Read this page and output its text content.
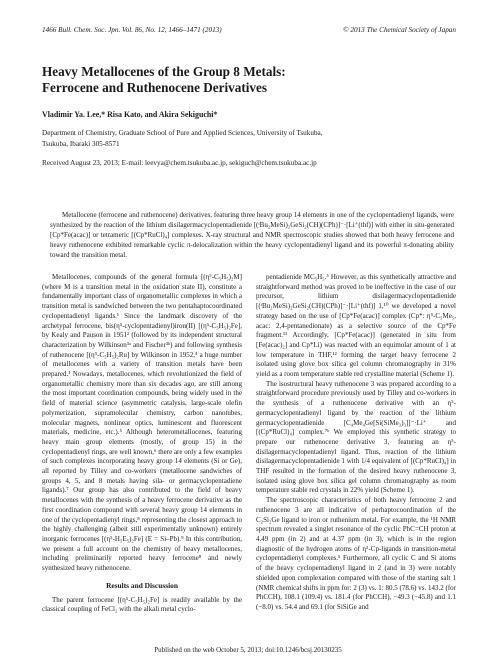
1466 Bull. Chem. Soc. Jpn. Vol. 86, No. 12, 1466–1471 (2013)	© 2013 The Chemical Society of Japan
Heavy Metallocenes of the Group 8 Metals:
Ferrocene and Ruthenocene Derivatives
Vladimir Ya. Lee,* Risa Kato, and Akira Sekiguchi*
Department of Chemistry, Graduate School of Pure and Applied Sciences, University of Tsukuba,
Tsukuba, Ibaraki 305-8571
Received August 23, 2013; E-mail: leevya@chem.tsukuba.ac.jp, sekiguch@chem.tsukuba.ac.jp
Metallocene (ferrocene and ruthenocene) derivatives, featuring three heavy group 14 elements in one of the cyclopentadienyl ligands, were synthesized by the reaction of the lithium disilagermacyclopentadienide [(ᵗBu₂MeSi)₂GeSi₂(CH)(CPh)]⁻·[Li⁺(thf)] with either in situ-generated [Cp*Fe(acac)] or tetrameric [(Cp*RuCl)₄] complexes. X-ray structural and NMR spectroscopic studies showed that both heavy ferrocene and heavy ruthenocene exhibited remarkable cyclic π-delocalization within the heavy cyclopentadienyl ligand and its powerful π-donating ability toward the transition metal.

Metallocenes, compounds of the general formula [(η⁵-C₅H₅)₂M] (where M is a transition metal in the oxidation state II), constitute a fundamentally important class of organometallic complexes in which a transition metal is sandwiched between the two pentahaptocoordinated cyclopentadienyl ligands.¹ Since the landmark discovery of the archetypal ferrocene, bis(η⁵-cyclopentadienyl)iron(II) [(η⁵-C₅H₅)₂Fe], by Kealy and Pauson in 1951² (followed by its independent structural characterization by Wilkinson³ᵃ and Fischer³ᵇ) and following synthesis of ruthenocene [(η⁵-C₅H₅)₂Ru] by Wilkinson in 1952,⁴ a huge number of metallocenes with a variety of transition metals have been prepared.¹ Nowadays, metallocenes, which revolutionized the field of organometallic chemistry more than six decades ago, are still among the most important coordination compounds, being widely used in the field of material science (asymmetric catalysis, large-scale olefin polymerization, supramolecular chemistry, carbon nanotubes, molecular magnets, nonlinear optics, luminescent and fluorescent materials, medicine, etc.).⁵ Although heterometallocenes, featuring heavy main group elements (mostly, of group 15) in the cyclopentadienyl rings, are well known,⁶ there are only a few examples of such complexes incorporating heavy group 14 elements (Si or Ge), all reported by Tilley and co-workers (metallocene sandwiches of groups 4, 5, and 8 metals having sila- or germacyclopentadiene ligands).⁷ Our group has also contributed to the field of heavy metallocenes with the synthesis of a heavy ferrocene derivative as the first coordination compound with several heavy group 14 elements in one of the cyclopentadienyl rings,⁸ representing the closest approach to the highly challenging (albeit still experimentally unknown) entirely inorganic ferrocenes [(η⁵-H₅E₅)₂Fe] (E = Si–Pb).⁹ In this contribution, we present a full account on the chemistry of heavy metallocenes, including preliminarily reported heavy ferrocene⁸ and newly synthesized heavy ruthenocene.

Results and Discussion

The parent ferrocene [(η⁵-C₅H₅)₂Fe] is readily available by the classical coupling of FeCl₂ with the alkali metal cyclo-

pentadienide MC₅H₅.⁵ However, as this synthetically attractive and straightforward method was proved to be ineffective in the case of our precursor, lithium disilagermacyclopentadienide [(ᵗBu₂MeSi)₂GeSi₂(CH)(CPh)]⁻·[Li⁺(thf)] 1,¹⁰ we developed a novel strategy based on the use of [Cp*Fe(acac)] complex (Cp*: η⁵-C₅Me₅, acac: 2,4-pentanedionate) as a selective source of the Cp*Fe fragment.¹¹ Accordingly, [Cp*Fe(acac)] (generated in situ from [Fe(acac)₂] and Cp*Li) was reacted with an equimolar amount of 1 at low temperature in THF,¹² forming the target heavy ferrocene 2 isolated using glove box silica gel column chromatography in 31% yield as a room temperature stable red crystalline material (Scheme 1).

The isostructural heavy ruthenocene 3 was prepared according to a straightforward procedure previously used by Tilley and co-workers in the synthesis of a ruthenocene derivative with an η⁵-germacyclopentadienyl ligand by the reaction of the lithium germacyclopentadienide [C₄Me₄Ge[Si(SiMe₃)₃]]⁻·Li⁺ and [(Cp*RuCl)₄] complex.⁷ᵇ We employed this synthetic strategy to prepare our ruthenocene derivative 3, featuring an η⁵-disilagermacyclopentadienyl ligand. Thus, reaction of the lithium disilagermacyclopentadienide 1 with 1/4 equivalent of [(Cp*RuCl)₄] in THF resulted in the formation of the desired heavy ruthenocene 3, isolated using glove box silica gel column chromatography as room temperature stable red crystals in 22% yield (Scheme 1).

The spectroscopic characteristics of both heavy ferrocene 2 and ruthenocene 3 are all indicative of perhaptocoordination of the C₂Si₂Ge ligand to iron or ruthenium metal. For example, the ¹H NMR spectrum revealed a singlet resonance of the cyclic PhC=CH proton at 4.49 ppm (in 2) and at 4.37 ppm (in 3), which is in the region diagnostic of the hydrogen atoms of η⁵-Cp-ligands in transition-metal cyclopentadienyl complexes.⁵ Furthermore, all cyclic C and Si atoms of the heavy cyclopentadienyl ligand in 2 (and in 3) were notably shielded upon complexation compared with those of the starting salt 1 (NMR chemical shifts in ppm for: 2 (3) vs. 1: 80.5 (78.6) vs. 143.2 (for PhCCH), 108.1 (109.4) vs. 181.4 (for PhCCH), −49.3 (−45.8) and 1.1 (−8.0) vs. 54.4 and 69.1 (for SiSiGe and

Published on the web October 5, 2013; doi:10.1246/bcsj.20130235
